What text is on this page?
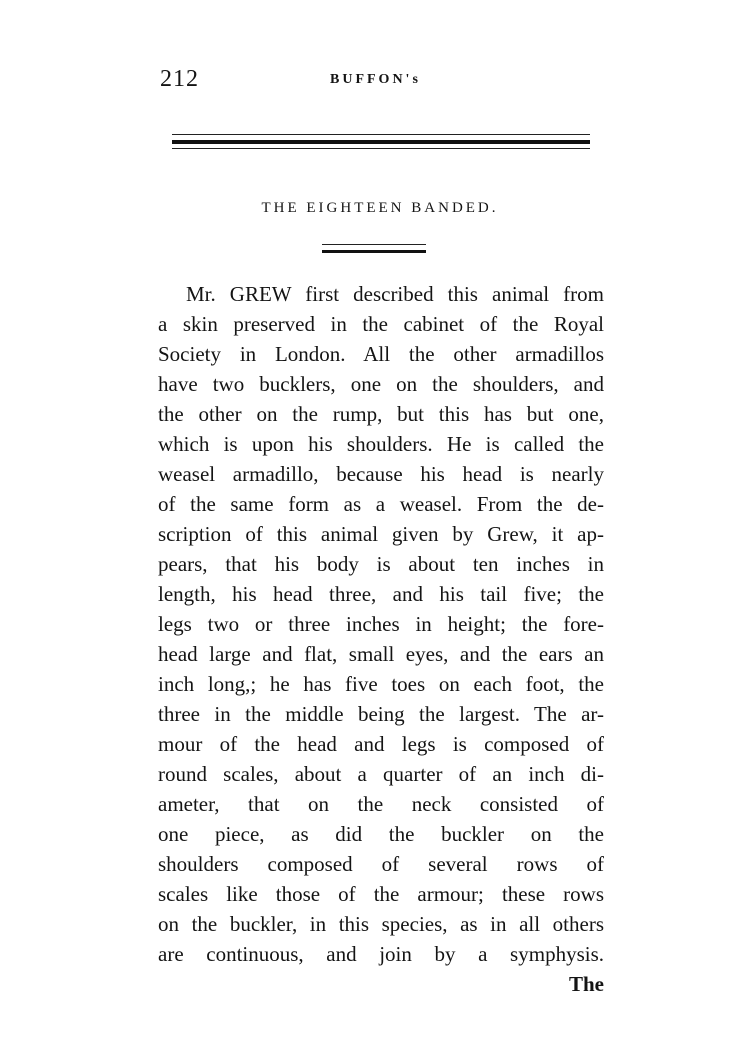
212	BUFFON's
THE EIGHTEEN BANDED.
Mr. GREW first described this animal from
a skin preserved in the cabinet of the Royal
Society in London. All the other armadillos
have two bucklers, one on the shoulders, and
the other on the rump, but this has but one,
which is upon his shoulders. He is called the
weasel armadillo, because his head is nearly
of the same form as a weasel. From the de-
scription of this animal given by Grew, it ap-
pears, that his body is about ten inches in
length, his head three, and his tail five; the
legs two or three inches in height; the fore-
head large and flat, small eyes, and the ears an
inch long,; he has five toes on each foot, the
three in the middle being the largest. The ar-
mour of the head and legs is composed of
round scales, about a quarter of an inch di-
ameter, that on the neck consisted of
one piece, as did the buckler on the
shoulders composed of several rows of
scales like those of the armour; these rows
on the buckler, in this species, as in all others
are continuous, and join by a symphysis.
The
